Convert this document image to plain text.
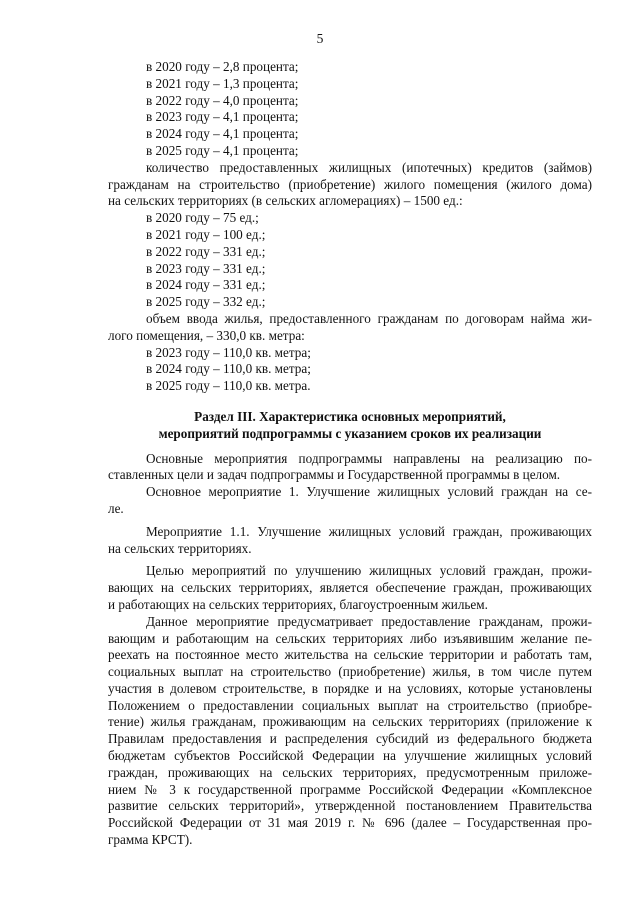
5
в 2020 году – 2,8 процента;
в 2021 году – 1,3 процента;
в 2022 году – 4,0 процента;
в 2023 году – 4,1 процента;
в 2024 году – 4,1 процента;
в 2025 году – 4,1 процента;
количество предоставленных жилищных (ипотечных) кредитов (займов)
гражданам на строительство (приобретение) жилого помещения (жилого дома)
на сельских территориях (в сельских агломерациях) – 1500 ед.:
в 2020 году – 75 ед.;
в 2021 году – 100 ед.;
в 2022 году – 331 ед.;
в 2023 году – 331 ед.;
в 2024 году – 331 ед.;
в 2025 году – 332 ед.;
объем ввода жилья, предоставленного гражданам по договорам найма жи-
лого помещения, – 330,0 кв. метра:
в 2023 году – 110,0 кв. метра;
в 2024 году – 110,0 кв. метра;
в 2025 году – 110,0 кв. метра.
Раздел III. Характеристика основных мероприятий,
мероприятий подпрограммы с указанием сроков их реализации
Основные мероприятия подпрограммы направлены на реализацию по-
ставленных цели и задач подпрограммы и Государственной программы в целом.
Основное мероприятие 1. Улучшение жилищных условий граждан на се-
ле.
Мероприятие 1.1. Улучшение жилищных условий граждан, проживающих
на сельских территориях.
Целью мероприятий по улучшению жилищных условий граждан, прожи-
вающих на сельских территориях, является обеспечение граждан, проживающих
и работающих на сельских территориях, благоустроенным жильем.
Данное мероприятие предусматривает предоставление гражданам, прожи-
вающим и работающим на сельских территориях либо изъявившим желание пе-
реехать на постоянное место жительства на сельские территории и работать там,
социальных выплат на строительство (приобретение) жилья, в том числе путем
участия в долевом строительстве, в порядке и на условиях, которые установлены
Положением о предоставлении социальных выплат на строительство (приобре-
тение) жилья гражданам, проживающим на сельских территориях (приложение к
Правилам предоставления и распределения субсидий из федерального бюджета
бюджетам субъектов Российской Федерации на улучшение жилищных условий
граждан, проживающих на сельских территориях, предусмотренным приложе-
нием № 3 к государственной программе Российской Федерации «Комплексное
развитие сельских территорий», утвержденной постановлением Правительства
Российской Федерации от 31 мая 2019 г. № 696 (далее – Государственная про-
грамма КРСТ).
